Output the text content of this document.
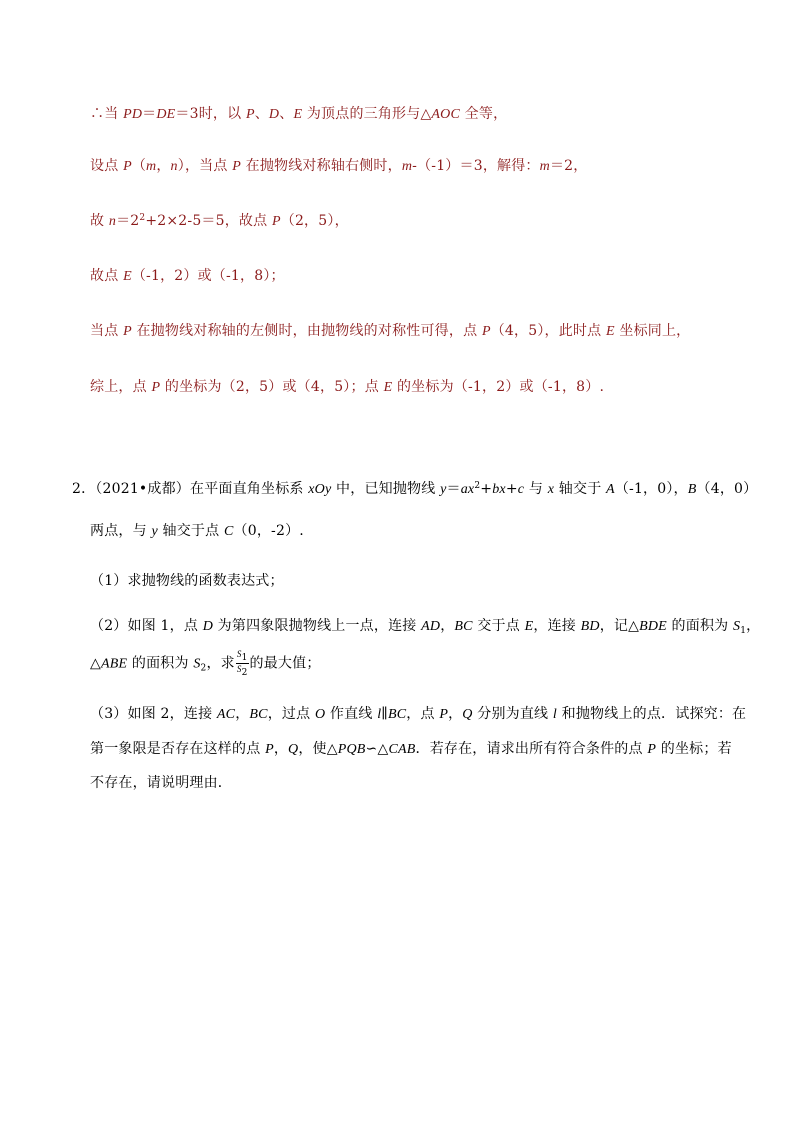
∴当 PD＝DE＝3时，以 P、D、E 为顶点的三角形与△AOC 全等，
设点 P（m，n），当点 P 在抛物线对称轴右侧时，m-（-1）＝3，解得：m＝2，
故 $n=2^2+2\times 2-5=5$，故点 P（2，5），
故点 E（-1，2）或（-1，8）；
当点 P 在抛物线对称轴的左侧时，由抛物线的对称性可得，点 P（4，5），此时点 E 坐标同上，
综上，点 P 的坐标为（2，5）或（4，5）；点 E 的坐标为（-1，2）或（-1，8）.
2．（2021•成都）在平面直角坐标系 xOy 中，已知抛物线 $y=ax^2+bx+c$ 与 x 轴交于 A（-1，0），B（4，0）
两点，与 y 轴交于点 C（0，-2）.
（1）求抛物线的函数表达式；
（2）如图 1，点 D 为第四象限抛物线上一点，连接 AD，BC 交于点 E，连接 BD，记△BDE 的面积为 $S_1$，
△ABE 的面积为 $S_2$，求 $\frac{S_1}{S_2}$ 的最大值；
（3）如图 2，连接 AC，BC，过点 O 作直线 l∥BC，点 P，Q 分别为直线 l 和抛物线上的点．试探究：在
第一象限是否存在这样的点 P，Q，使△PQB∽△CAB．若存在，请求出所有符合条件的点 P 的坐标；若
不存在，请说明理由．
